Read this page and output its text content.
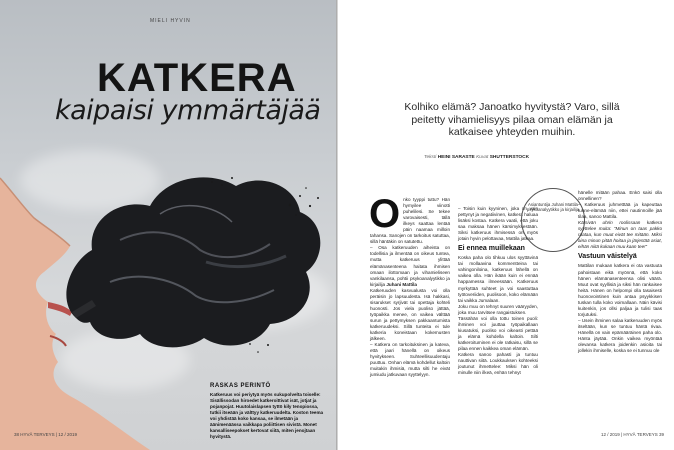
MIELI HYVIN
KATKERA
kaipaisi ymmärtäjää
RASKAS PERINTÖ
Katkeruus voi periytyä myös sukupolvelta toiselle: Sisällissodan hiroedet katkeroittivat isät, jotjat ja pojanpojat. Huutolaislapsen tyttö kiły tenopiossa, tutkii itseään ja välttyy katkeruudelta. Koston teema voi yhdistää koko kansaa, se ilmetään ja äänimenäässa vaikkapa poliittisen sivistä. Monet kansalliseepokset kertovat siitä, miten jenojtaan hyvitystä.
38 HYVÄ TERVEYS | 12 / 2019
Kolhiko elämä? Janoatko hyvitystä? Varo, sillä peitetty vihamielisyys pilaa oman elämän ja katkaisee yhteyden muihin.
Teksti HEINI SARASTE Kuvat SHUTTERSTOCK
O nko tyyppi tuttu? Hän hymyilee viinotti puhelilesi. Se tekee varovaisesti, tällä ilkeys saattaa lentää päin naamaa milloin tahansa. Sanojen on tarkoitus satuttaa, sillä häntäkin on satutettu.

– Osa katkeruuden aiheista on todellisia ja ilmentää on oikeus tuntea, mutta katkeruus ylittää elämänasenteena haitata ihmisen omaan ilottomaan ja vihamieliseen vankilaansa, pohtii psykoanalyytikko ja kirjailija Juhani Mattila

Katkeruuden kasvualusta voi olla peräisin jo lapsuudesta. Isä hakkasi, sisarukset syrjivät tai opettaja kohteli huonosti. Jos viela puoliso jättää, työpaikka menee, on vaikea välttää surun ja pettymyksen pakkaantumista katkeruudeksi. Sillä tunteita ei tule katkeria koneistaan kokemusten jälkeen.

– Katkera on tarkoituksinen ja kateva, että jaari hänellä on oikeus hyvitykseen. Suhteellisuudentaju puuttuu. Onhan elämä kohdellut kaltoin muitakin ihmisiä, mutta silti he eivät jumiudu jatkuvaan syyttelyyn.

– Toisin kuin kyyninen, joka on vain pettynyt ja negatiivinen, katkera haluaa lisäksi kostaa. Katkera vaatii, että joku saa maksaa hänen kärsimyksestään. Siksi katkeruus ihmisessä on myös jotain hyvin pelottavaa, Mattila jatkaa.

Ei ennea muillekaan

Koska paha olo tihkuu ulos syyttävinä tai mollaavina kommentteina tai vahingoniloina, katkeruus lähellä on vaikea olla. Hän ikään kuin ei ennää happamessa ilmeessään. Katkeruus myrkyttää suhteet ja voi saastuttaa työtoveriiden, puolisoon, koko elämään tai vaikka Jumalaan.

Joku muu on tehnyt suuren vääryyden, joka muu tarvitsee rangaistuksen.

Tässähän voi olla tottu toinen puoli: ihminen voi juuttaa työpaikallaan kiusatuksi, puoliso voi oikeasti pettää ja elämä kohdella kaltoin. Silti katkeroituminen ei ole ratkaisu, sillä se pilaa ennen kaikkea oman elämän.

Katkera sanoo pahasti ja tuntuu nauttivan siitä. Loukkauksen kohteeksi joutunut ihmettelee: Miksi hän oli minulle niin ilkeä, enhän tehnyt

Asiantuntija Juhani Mattila psykoanalyytikko ja kirjailija

hänelle mitään pahaa. Enkö saisi olla onnellinen?

– Katkeruus juhmetttää ja kapeuttaa tunne-elämää niin, ettei nautinnoille jää tilaa, sanoo Mattila.

Kärsivän uhrin roolissaan katkera syyttelee muita: "Minun on taas pakko raataa, kun muut eivät tee mitään. Miksi aina minun pitää hoitaa ja järjestää asiat, eihän niitä kukaan muu kaan tee!"

Vastuun väistelyä

Mattilan mukaan katkera ei ota vastuuta pahoistaan eikä myönnä, että koko hänen elämänasenteensa olisi väärä. Muut ovat syyllisiä ja siksi hän rankaisee heitä. Hänen on helpompi olla tasaisesti huonovointinen kuin antaa psyykkisen tuskan tulla koko voimallaan. Näin kävisi kuitenkin, jos ollsi paljaa ja tulisi taas torjutuksi.

– Usein ihminen salaa katkeruuden myös itseltään, kun se tuntuu häntä rivaa. Hänellä on vain epämääräinen paha olo. Hänta jäytää. Onkin vaikea myöntää olevansa katkera joidenkin asioita tai jollekin ihmiselle, koska se ei tunnuu ole

12 / 2019 | HYVÄ TERVEYS 39
